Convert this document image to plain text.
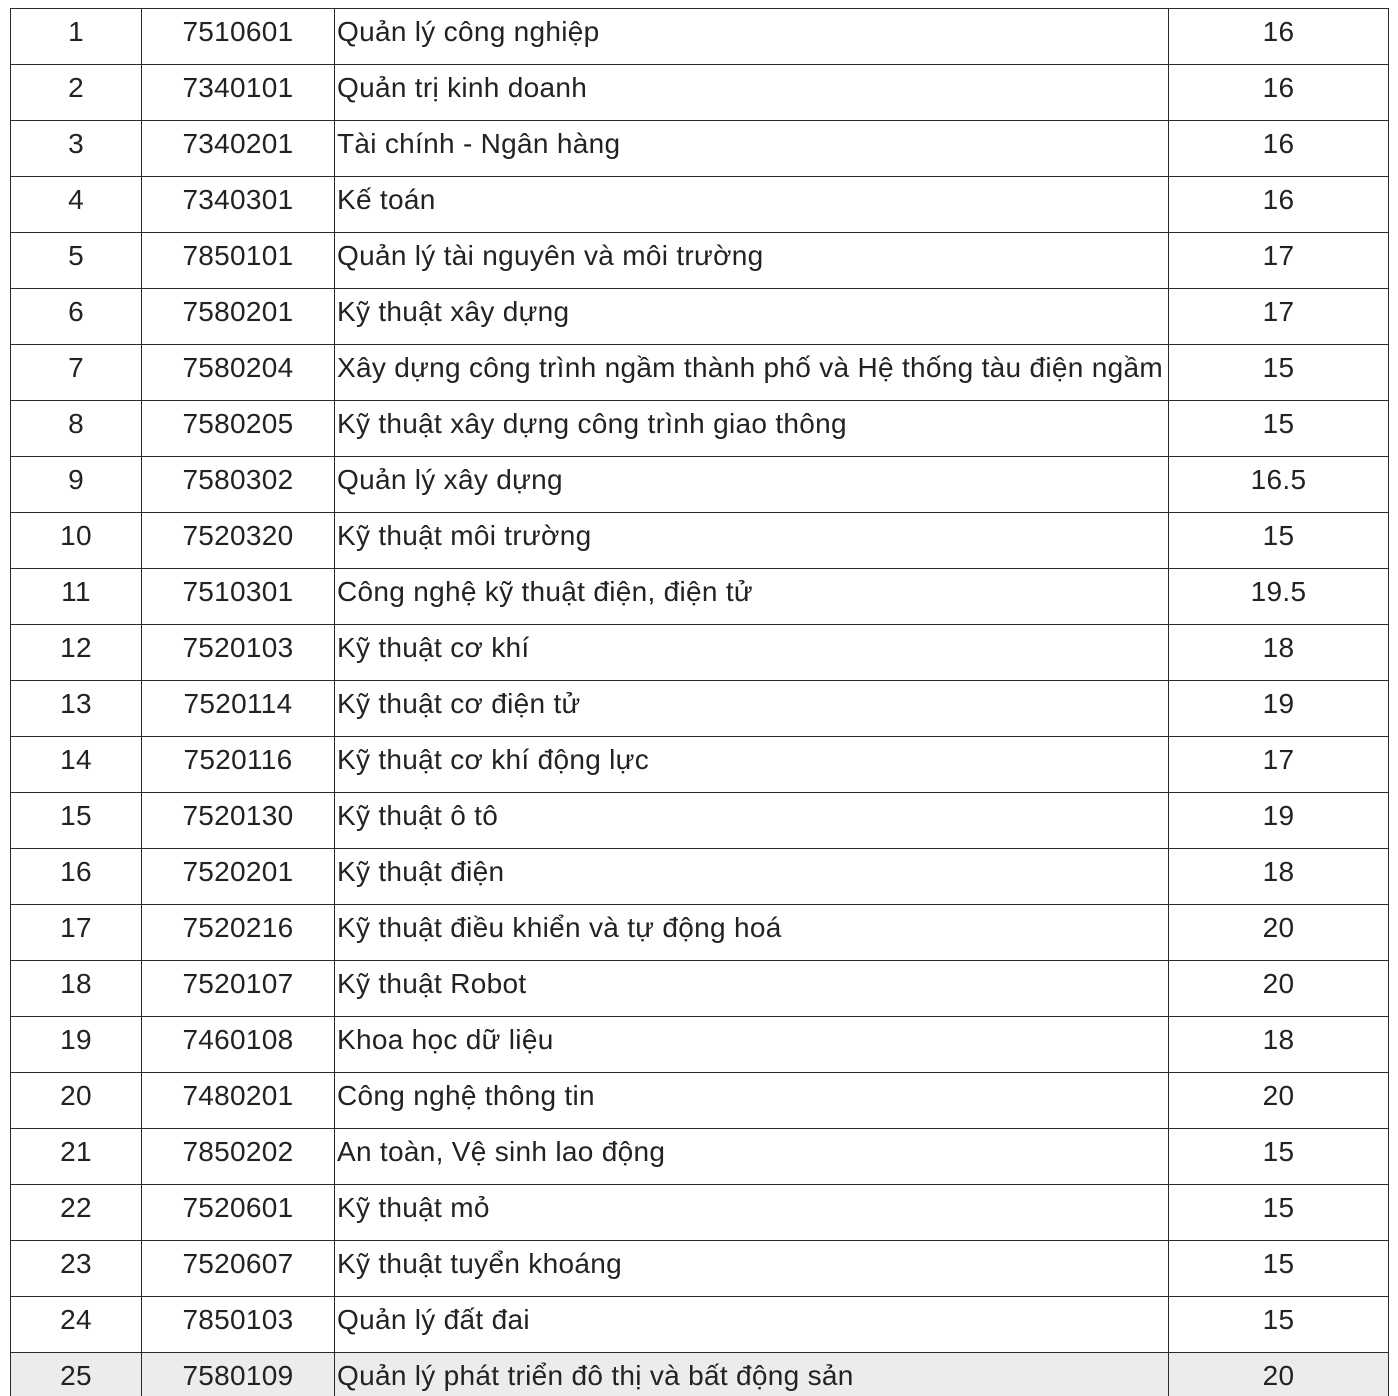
1	7510601	Quản lý công nghiệp	16
2	7340101	Quản trị kinh doanh	16
3	7340201	Tài chính - Ngân hàng	16
4	7340301	Kế toán	16
5	7850101	Quản lý tài nguyên và môi trường	17
6	7580201	Kỹ thuật xây dựng	17
7	7580204	Xây dựng công trình ngầm thành phố và Hệ thống tàu điện ngầm	15
8	7580205	Kỹ thuật xây dựng công trình giao thông	15
9	7580302	Quản lý xây dựng	16.5
10	7520320	Kỹ thuật môi trường	15
11	7510301	Công nghệ kỹ thuật điện, điện tử	19.5
12	7520103	Kỹ thuật cơ khí	18
13	7520114	Kỹ thuật cơ điện tử	19
14	7520116	Kỹ thuật cơ khí động lực	17
15	7520130	Kỹ thuật ô tô	19
16	7520201	Kỹ thuật điện	18
17	7520216	Kỹ thuật điều khiển và tự động hoá	20
18	7520107	Kỹ thuật Robot	20
19	7460108	Khoa học dữ liệu	18
20	7480201	Công nghệ thông tin	20
21	7850202	An toàn, Vệ sinh lao động	15
22	7520601	Kỹ thuật mỏ	15
23	7520607	Kỹ thuật tuyển khoáng	15
24	7850103	Quản lý đất đai	15
25	7580109	Quản lý phát triển đô thị và bất động sản	20
